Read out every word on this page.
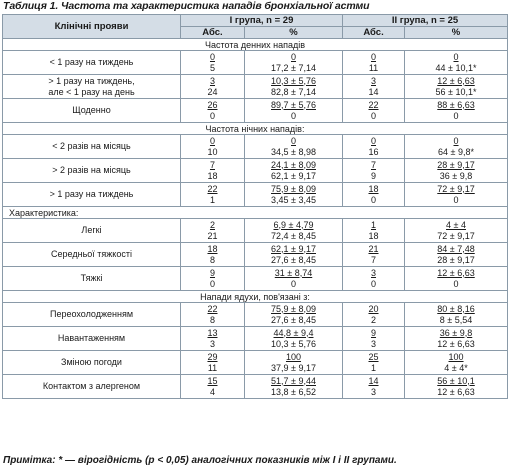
Таблиця 1. Частота та характеристика нападів бронхіальної астми
Клінічні прояви	І група, n = 29		ІІ група, n = 25	
	Абс.	%	Абс.	%
Частота денних нападів				
< 1 разу на тиждень	$\frac{0}{5}$	$\frac{0}{17,2 \pm 7,14}$	$\frac{0}{11}$	$\frac{0}{44 \pm 10,1*}$

> 1 разу на тиждень,
але < 1 разу на день	$\frac{3}{24}$	$\frac{10,3 \pm 5,76}{82,8 \pm 7,14}$	$\frac{3}{14}$	$\frac{12 \pm 6,63}{56 \pm 10,1*}$

Щоденно	$\frac{26}{0}$	$\frac{89,7 \pm 5,76}{0}$	$\frac{22}{0}$	$\frac{88 \pm 6,63}{0}$

Частота нічних нападів:				
< 2 разів на місяць	$\frac{0}{10}$	$\frac{0}{34,5 \pm 8,98}$	$\frac{0}{16}$	$\frac{0}{64 \pm 9,8*}$

> 2 разів на місяць	$\frac{7}{18}$	$\frac{24,1 \pm 8,09}{62,1 \pm 9,17}$	$\frac{7}{9}$	$\frac{28 \pm 9,17}{36 \pm 9,8}$

> 1 разу на тиждень	$\frac{22}{1}$	$\frac{75,9 \pm 8,09}{3,45 \pm 3,45}$	$\frac{18}{0}$	$\frac{72 \pm 9,17}{0}$

Характеристика:				
Легкі	$\frac{2}{21}$	$\frac{6,9 \pm 4,79}{72,4 \pm 8,45}$	$\frac{1}{18}$	$\frac{4 \pm 4}{72 \pm 9,17}$

Середньої тяжкості	$\frac{18}{8}$	$\frac{62,1 \pm 9,17}{27,6 \pm 8,45}$	$\frac{21}{7}$	$\frac{84 \pm 7,48}{28 \pm 9,17}$

Тяжкі	$\frac{9}{0}$	$\frac{31 \pm 8,74}{0}$	$\frac{3}{0}$	$\frac{12 \pm 6,63}{0}$

Напади ядухи, пов'язані з:				
Переохолодженням	$\frac{22}{8}$	$\frac{75,9 \pm 8,09}{27,6 \pm 8,45}$	$\frac{20}{2}$	$\frac{80 \pm 8,16}{8 \pm 5,54}$

Навантаженням	$\frac{13}{3}$	$\frac{44,8 \pm 9,4}{10,3 \pm 5,76}$	$\frac{9}{3}$	$\frac{36 \pm 9,8}{12 \pm 6,63}$

Зміною погоди	$\frac{29}{11}$	$\frac{100}{37,9 \pm 9,17}$	$\frac{25}{1}$	$\frac{100}{4 \pm 4*}$

Контактом з алергеном	$\frac{15}{4}$	$\frac{51,7 \pm 9,44}{13,8 \pm 6,52}$	$\frac{14}{3}$	$\frac{56 \pm 10,1}{12 \pm 6,63}$
Примітка: * — вірогідність (р < 0,05) аналогічних показників між І і ІІ групами.
